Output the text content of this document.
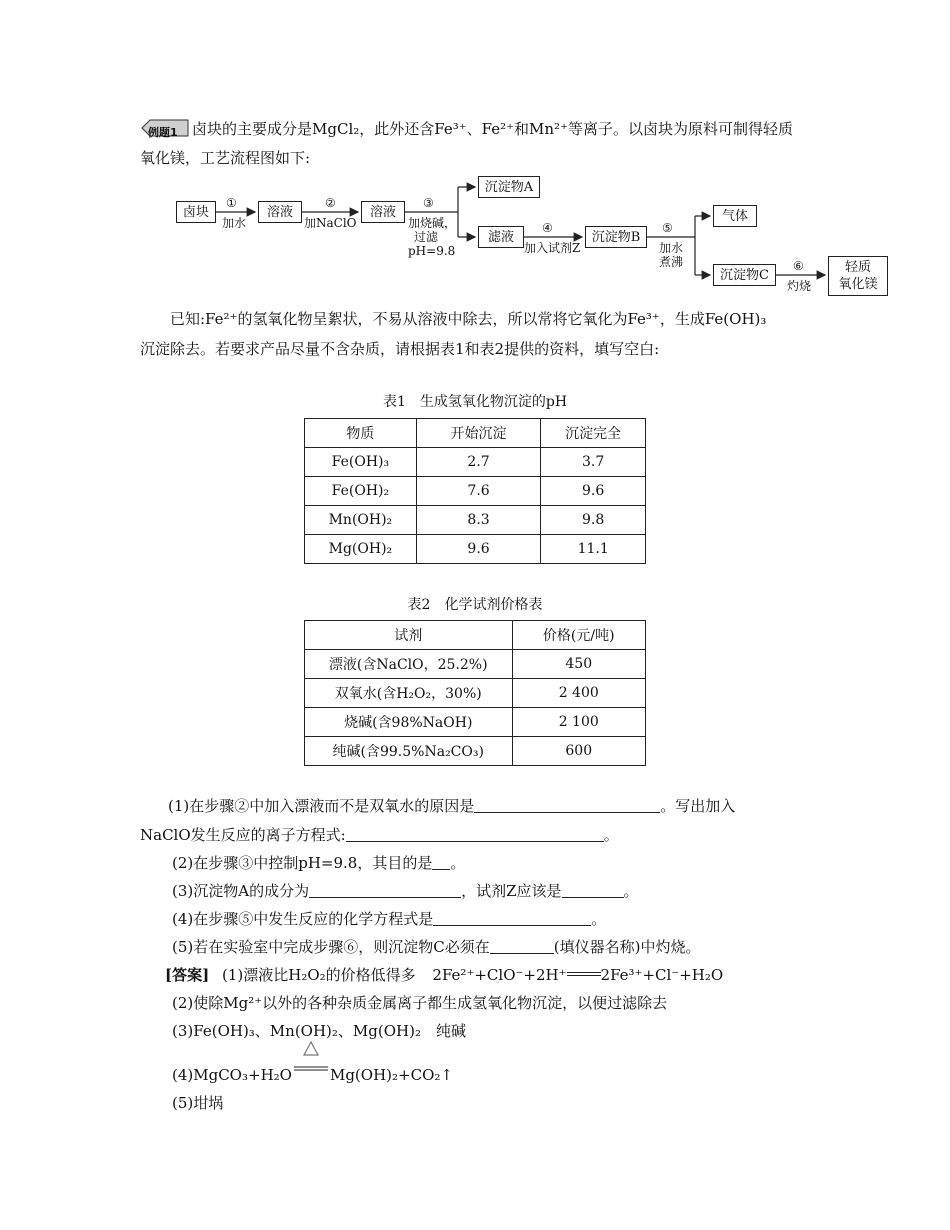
例题1 卤块的主要成分是MgCl₂，此外还含Fe³⁺、Fe²⁺和Mn²⁺等离子。以卤块为原料可制得轻质
氧化镁，工艺流程图如下:
卤块	溶液	溶液
沉淀物A
滤液	沉淀物B
气体
沉淀物C
轻质
氧化镁
①
加水
②
加NaClO
③
加烧碱，
过滤
pH=9.8
④
加入试剂Z
⑤
加水
煮沸	⑥
灼烧
已知:Fe²⁺的氢氧化物呈絮状，不易从溶液中除去，所以常将它氧化为Fe³⁺，生成Fe(OH)₃
沉淀除去。若要求产品尽量不含杂质，请根据表1和表2提供的资料，填写空白:
表1　生成氢氧化物沉淀的pH
物质	开始沉淀	沉淀完全
Fe(OH)₃	2.7	3.7
Fe(OH)₂	7.6	9.6
Mn(OH)₂	8.3	9.8
Mg(OH)₂	9.6	11.1
表2　化学试剂价格表
试剂	价格(元/吨)
漂液(含NaClO，25.2%)	450
双氧水(含H₂O₂，30%)	2 400
烧碱(含98%NaOH)	2 100
纯碱(含99.5%Na₂CO₃)	600
(1)在步骤②中加入漂液而不是双氧水的原因是	。写出加入
NaClO发生反应的离子方程式:	。
(2)在步骤③中控制pH=9.8，其目的是 。
(3)沉淀物A的成分为	，试剂Z应该是	。
(4)在步骤⑤中发生反应的化学方程式是	。
(5)若在实验室中完成步骤⑥，则沉淀物C必须在	(填仪器名称)中灼烧。
[答案] (1)漂液比H₂O₂的价格低得多 2Fe²⁺+ClO⁻+2H⁺ 2Fe³⁺+Cl⁻+H₂O
(2)使除Mg²⁺以外的各种杂质金属离子都生成氢氧化物沉淀，以便过滤除去
(3)Fe(OH)₃、Mn(OH)₂、Mg(OH)₂　纯碱
(4)MgCO₃+H₂O	Mg(OH)₂+CO₂↑
(5)坩埚
